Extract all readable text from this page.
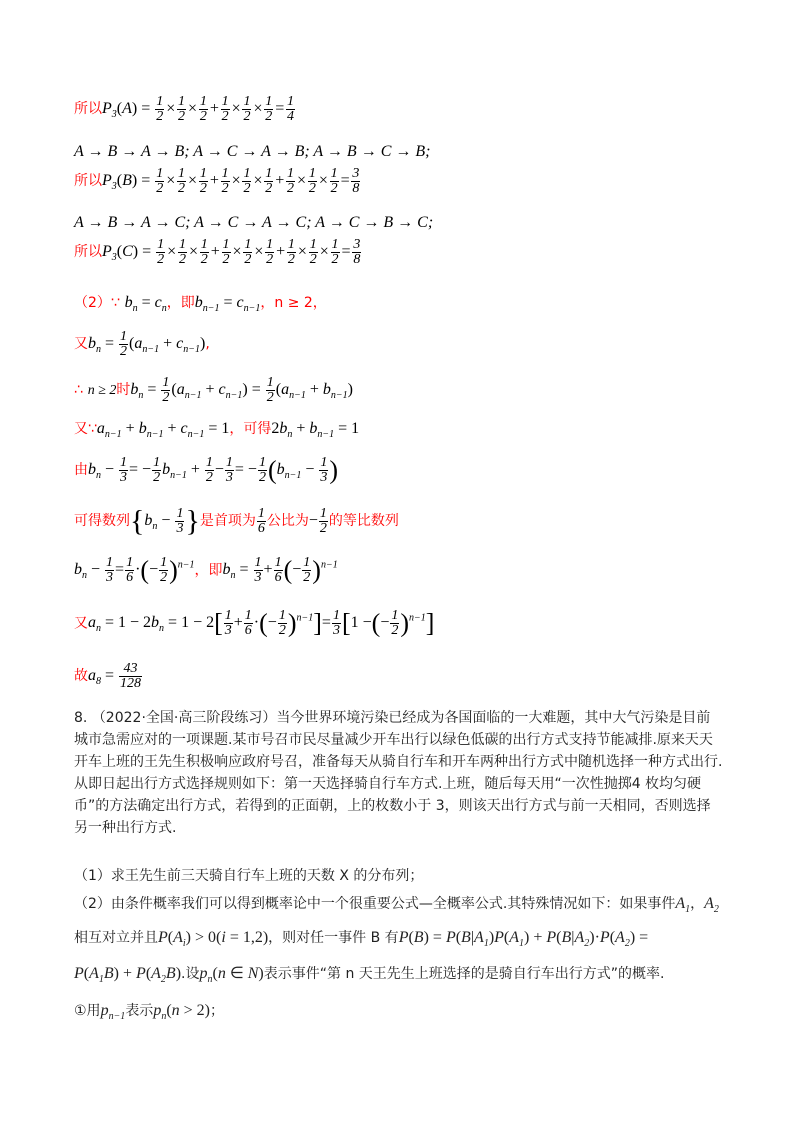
所以$P_3(A) = \frac{1}{2} \times \frac{1}{2} \times \frac{1}{2} + \frac{1}{2} \times \frac{1}{2} \times \frac{1}{2} = \frac{1}{4}$
A → B → A → B; A → C → A → B; A → B → C → B;
所以$P_3(B) = \frac{1}{2} \times \frac{1}{2} \times \frac{1}{2} + \frac{1}{2} \times \frac{1}{2} \times \frac{1}{2} + \frac{1}{2} \times \frac{1}{2} \times \frac{1}{2} = \frac{3}{8}$
A → B → A → C; A → C → A → C; A → C → B → C;
所以$P_3(C) = \frac{1}{2} \times \frac{1}{2} \times \frac{1}{2} + \frac{1}{2} \times \frac{1}{2} \times \frac{1}{2} + \frac{1}{2} \times \frac{1}{2} \times \frac{1}{2} = \frac{3}{8}$
（2）∵ $b_n = c_n$，即$b_{n-1} = c_{n-1}$，n ≥ 2，
又$b_n = \frac{1}{2} (a_{n-1} + c_{n-1})$,
∴ n ≥ 2时$b_n = \frac{1}{2} (a_{n-1} + c_{n-1}) = \frac{1}{2} (a_{n-1} + b_{n-1})$
又$\because a_{n-1} + b_{n-1} + c_{n-1} = 1$，可得$2b_n + b_{n-1} = 1$
由$b_n - \frac{1}{3}$ = − $\frac{1}{2} b_{n-1} + \frac{1}{2} - \frac{1}{3}$ = − $\frac{1}{2} (b_{n-1} - \frac{1}{3}$ )
可得数列{$b_n - \frac{1}{3}$ }是首项为 $\frac{1}{6}$ 公比为− $\frac{1}{2}$ 的等比数列
$b_n - \frac{1}{3} = \frac{1}{6}$ ·(− $\frac{1}{2} )^{n-1}$，即$b_n = \frac{1}{3} + \frac{1}{6}$ (− $\frac{1}{2} )^{n-1}$
又$a_n = 1 - 2b_n = 1 - 2[ \frac{1}{3} + \frac{1}{6}$ ·(− $\frac{1}{2} )^{n-1}]= \frac{1}{3} [1$ −(− $\frac{1}{2} )^{n-1}$]
故$a_8 = \frac{43}{128}$
8. （2022·全国·高三阶段练习）当今世界环境污染已经成为各国面临的一大难题，其中大气污染是目前城市急需应对的一项课题.某市号召市民尽量减少开车出行以绿色低碳的出行方式支持节能减排.原来天天开车上班的王先生积极响应政府号召，准备每天从骑自行车和开车两种出行方式中随机选择一种方式出行.从即日起出行方式选择规则如下：第一天选择骑自行车方式.上班，随后每天用“一次性抛掷4 枚均匀硬币”的方法确定出行方式，若得到的正面朝，上的枚数小于 3，则该天出行方式与前一天相同，否则选择另一种出行方式.
（1）求王先生前三天骑自行车上班的天数 X 的分布列；
（2）由条件概率我们可以得到概率论中一个很重要公式—全概率公式.其特殊情况如下：如果事件$A_1$，$A_2$
相互对立并且$P(A_i) > 0(i = 1,2)$，则对任一事件 B 有$P(B) = P(B|A_1)P(A_1) + P(B|A_2)\cdot P(A_2)$ =
$P(A_1B) + P(A_2B)$.设$p_n(n$ ∈ N)表示事件“第 n 天王先生上班选择的是骑自行车出行方式”的概率.
①用$p_{n-1}$表示$p_n(n > 2)$；
